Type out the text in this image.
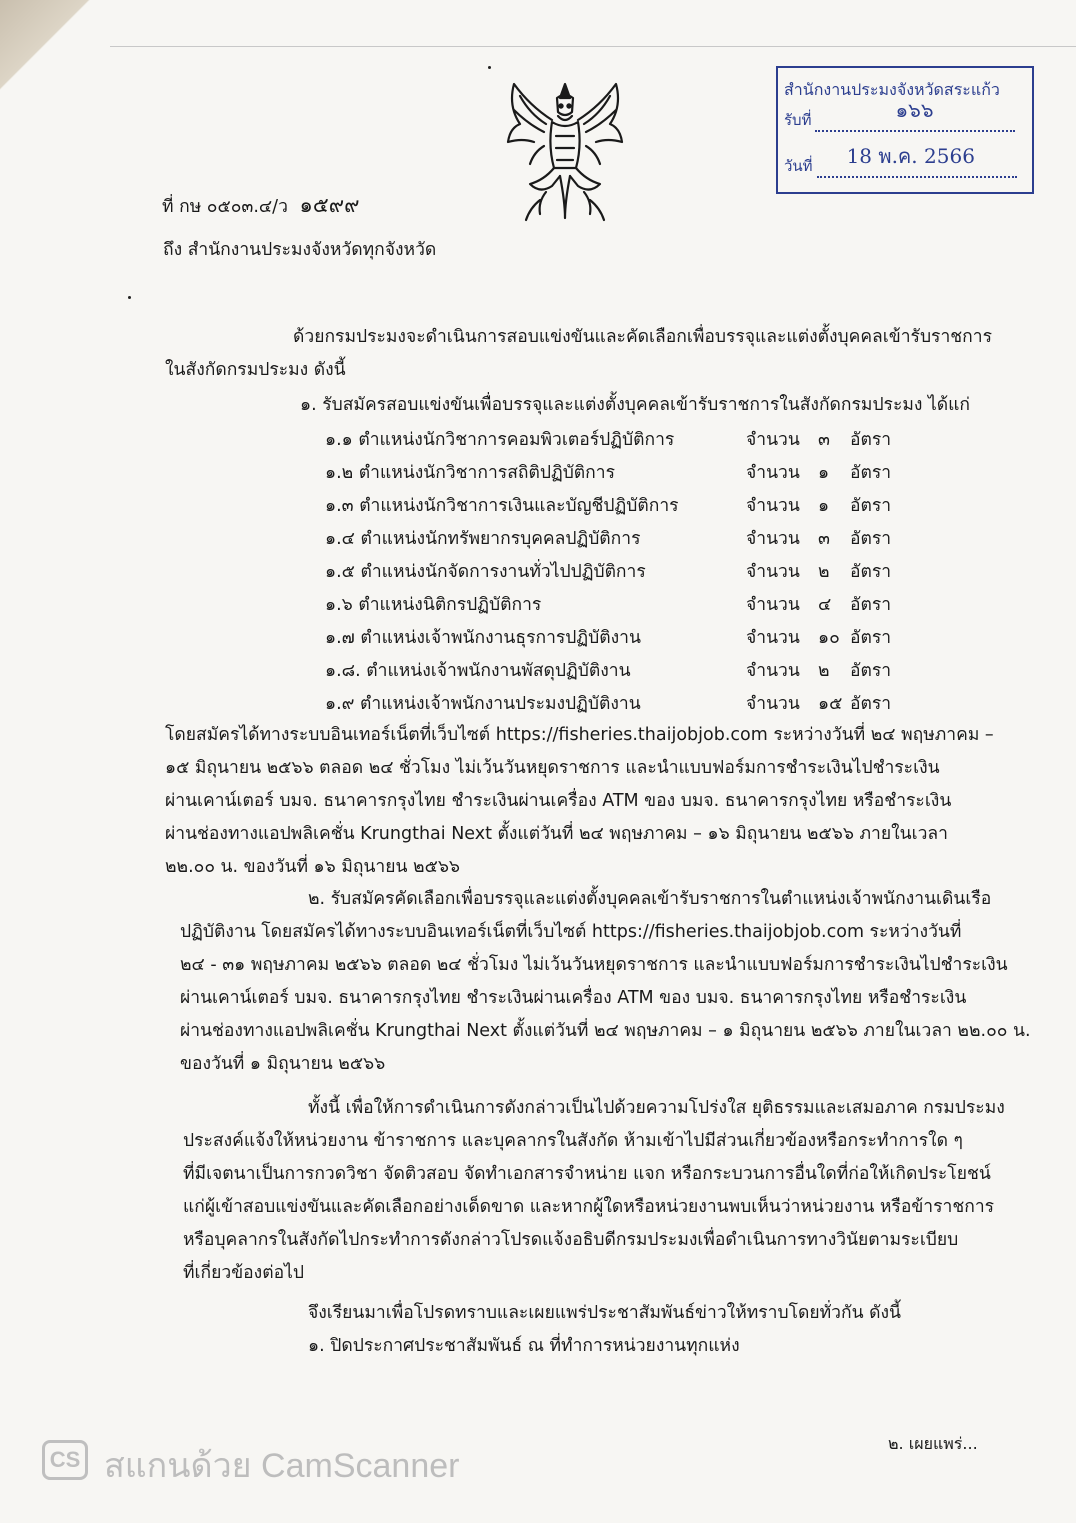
สำนักงานประมงจังหวัดสระแก้ว
รับที่	๑๖๖
วันที่ 18 พ.ค. 2566
ที่ กษ ๐๕๐๓.๔/ว ๑๕๙๙
ถึง สำนักงานประมงจังหวัดทุกจังหวัด
ด้วยกรมประมงจะดำเนินการสอบแข่งขันและคัดเลือกเพื่อบรรจุและแต่งตั้งบุคคลเข้ารับราชการ
ในสังกัดกรมประมง ดังนี้
๑. รับสมัครสอบแข่งขันเพื่อบรรจุและแต่งตั้งบุคคลเข้ารับราชการในสังกัดกรมประมง ได้แก่
๑.๑ ตำแหน่งนักวิชาการคอมพิวเตอร์ปฏิบัติการ	จำนวน ๓ อัตรา
๑.๒ ตำแหน่งนักวิชาการสถิติปฏิบัติการ	จำนวน ๑ อัตรา
๑.๓ ตำแหน่งนักวิชาการเงินและบัญชีปฏิบัติการ	จำนวน ๑ อัตรา
๑.๔ ตำแหน่งนักทรัพยากรบุคคลปฏิบัติการ	จำนวน ๓ อัตรา
๑.๕ ตำแหน่งนักจัดการงานทั่วไปปฏิบัติการ	จำนวน ๒ อัตรา
๑.๖ ตำแหน่งนิติกรปฏิบัติการ	จำนวน ๔ อัตรา
๑.๗ ตำแหน่งเจ้าพนักงานธุรการปฏิบัติงาน	จำนวน ๑๐ อัตรา
๑.๘. ตำแหน่งเจ้าพนักงานพัสดุปฏิบัติงาน	จำนวน ๒ อัตรา
๑.๙ ตำแหน่งเจ้าพนักงานประมงปฏิบัติงาน	จำนวน ๑๕ อัตรา
โดยสมัครได้ทางระบบอินเทอร์เน็ตที่เว็บไซต์ https://fisheries.thaijobjob.com ระหว่างวันที่ ๒๔ พฤษภาคม –
๑๕ มิถุนายน ๒๕๖๖ ตลอด ๒๔ ชั่วโมง ไม่เว้นวันหยุดราชการ และนำแบบฟอร์มการชำระเงินไปชำระเงิน
ผ่านเคาน์เตอร์ บมจ. ธนาคารกรุงไทย ชำระเงินผ่านเครื่อง ATM ของ บมจ. ธนาคารกรุงไทย หรือชำระเงิน
ผ่านช่องทางแอปพลิเคชั่น Krungthai Next ตั้งแต่วันที่ ๒๔ พฤษภาคม – ๑๖ มิถุนายน ๒๕๖๖ ภายในเวลา
๒๒.๐๐ น. ของวันที่ ๑๖ มิถุนายน ๒๕๖๖
๒. รับสมัครคัดเลือกเพื่อบรรจุและแต่งตั้งบุคคลเข้ารับราชการในตำแหน่งเจ้าพนักงานเดินเรือ
ปฏิบัติงาน โดยสมัครได้ทางระบบอินเทอร์เน็ตที่เว็บไซต์ https://fisheries.thaijobjob.com ระหว่างวันที่
๒๔ - ๓๑ พฤษภาคม ๒๕๖๖ ตลอด ๒๔ ชั่วโมง ไม่เว้นวันหยุดราชการ และนำแบบฟอร์มการชำระเงินไปชำระเงิน
ผ่านเคาน์เตอร์ บมจ. ธนาคารกรุงไทย ชำระเงินผ่านเครื่อง ATM ของ บมจ. ธนาคารกรุงไทย หรือชำระเงิน
ผ่านช่องทางแอปพลิเคชั่น Krungthai Next ตั้งแต่วันที่ ๒๔ พฤษภาคม – ๑ มิถุนายน ๒๕๖๖ ภายในเวลา ๒๒.๐๐ น.
ของวันที่ ๑ มิถุนายน ๒๕๖๖
ทั้งนี้ เพื่อให้การดำเนินการดังกล่าวเป็นไปด้วยความโปร่งใส ยุติธรรมและเสมอภาค กรมประมง
ประสงค์แจ้งให้หน่วยงาน ข้าราชการ และบุคลากรในสังกัด ห้ามเข้าไปมีส่วนเกี่ยวข้องหรือกระทำการใด ๆ
ที่มีเจตนาเป็นการกวดวิชา จัดติวสอบ จัดทำเอกสารจำหน่าย แจก หรือกระบวนการอื่นใดที่ก่อให้เกิดประโยชน์
แก่ผู้เข้าสอบแข่งขันและคัดเลือกอย่างเด็ดขาด และหากผู้ใดหรือหน่วยงานพบเห็นว่าหน่วยงาน หรือข้าราชการ
หรือบุคลากรในสังกัดไปกระทำการดังกล่าวโปรดแจ้งอธิบดีกรมประมงเพื่อดำเนินการทางวินัยตามระเบียบ
ที่เกี่ยวข้องต่อไป
จึงเรียนมาเพื่อโปรดทราบและเผยแพร่ประชาสัมพันธ์ข่าวให้ทราบโดยทั่วกัน ดังนี้
๑. ปิดประกาศประชาสัมพันธ์ ณ ที่ทำการหน่วยงานทุกแห่ง
๒. เผยแพร่...
CS สแกนด้วย CamScanner
